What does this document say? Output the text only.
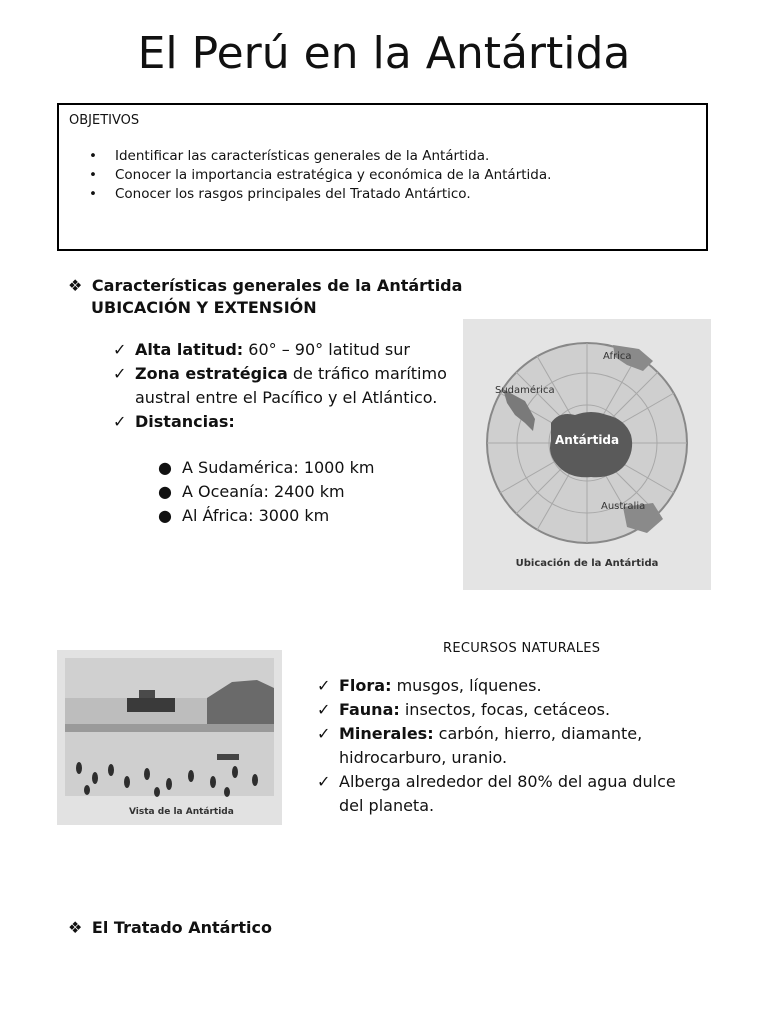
El Perú en la Antártida
OBJETIVOS
• Identificar las características generales de la Antártida.
• Conocer la importancia estratégica y económica de la Antártida.
• Conocer los rasgos principales del Tratado Antártico.
❖ Características generales de la Antártida
UBICACIÓN Y EXTENSIÓN
✓ Alta latitud: 60° – 90° latitud sur
✓ Zona estratégica de tráfico marítimo austral entre el Pacífico y el Atlántico.
✓ Distancias:
● A Sudamérica: 1000 km
● A Oceanía: 2400 km
● Al África: 3000 km
Africa
Sudamérica
Antártida
Australia
Ubicación de la Antártida
RECURSOS NATURALES
✓ Flora: musgos, líquenes.
✓ Fauna: insectos, focas, cetáceos.
✓ Minerales: carbón, hierro, diamante, hidrocarburo, uranio.
✓ Alberga alrededor del 80% del agua dulce del planeta.
Vista de la Antártida
❖ El Tratado Antártico
